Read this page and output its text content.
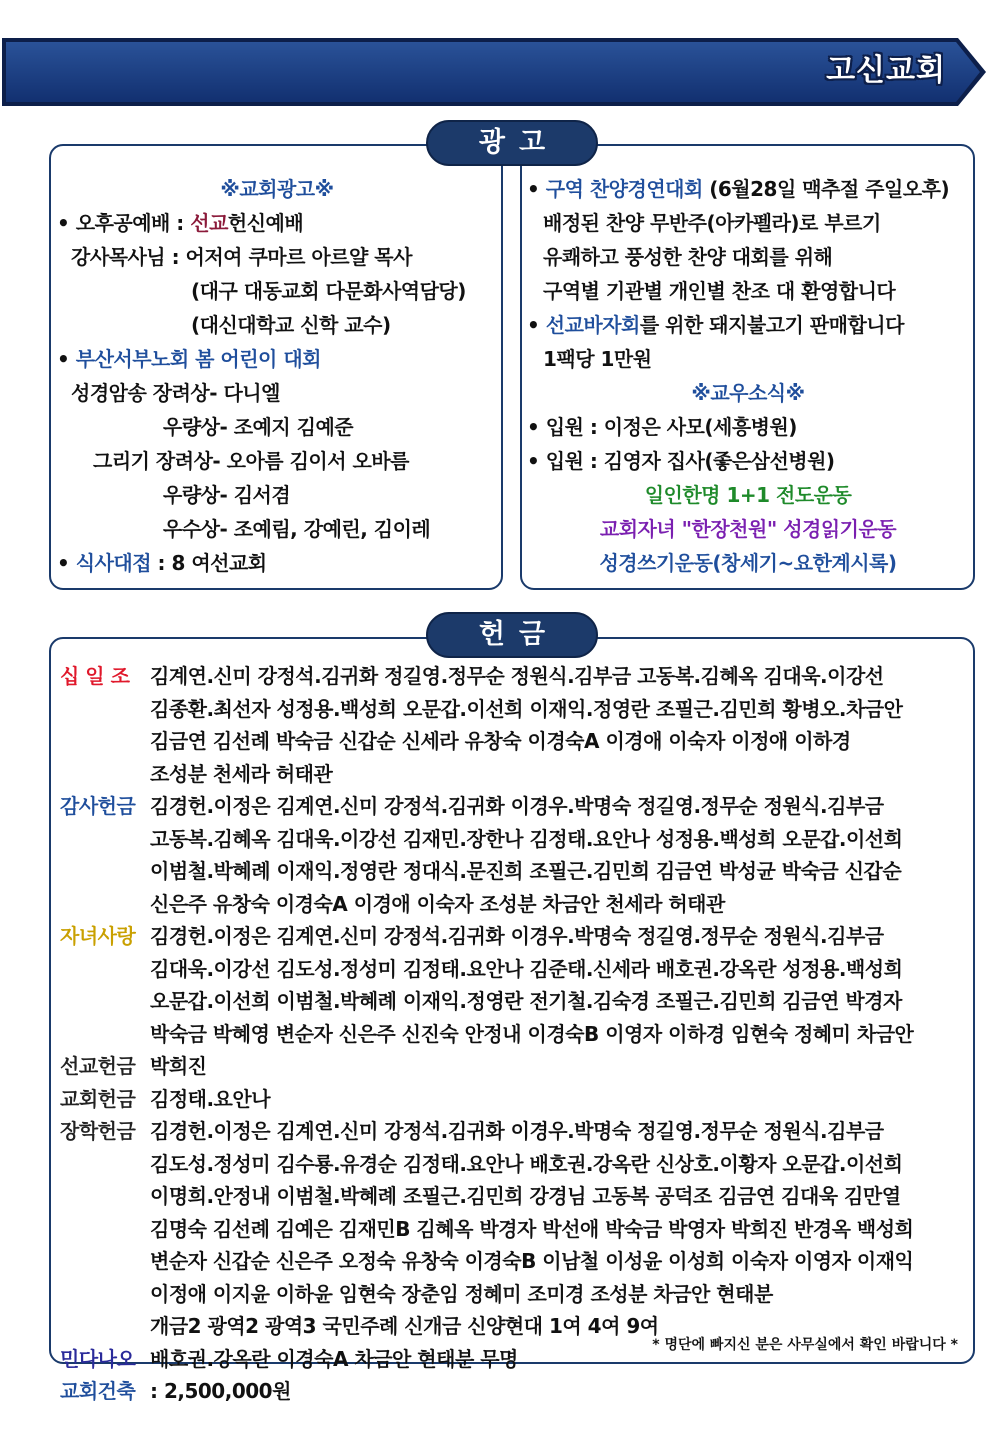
고신교회
광고
※교회광고※
• 오후공예배 : 선교헌신예배
강사목사님 : 어저여 쿠마르 아르얄 목사
(대구 대동교회 다문화사역담당)
(대신대학교 신학 교수)
• 부산서부노회 봄 어린이 대회
성경암송 장려상- 다니엘
우량상- 조예지 김예준
그리기 장려상- 오아름 김이서 오바름
우량상- 김서겸
우수상- 조예림, 강예린, 김이레
• 식사대접 : 8 여선교회
• 구역 찬양경연대회 (6월28일 맥추절 주일오후)
배정된 찬양 무반주(아카펠라)로 부르기
유쾌하고 풍성한 찬양 대회를 위해
구역별 기관별 개인별 찬조 대 환영합니다
• 선교바자회를 위한 돼지불고기 판매합니다
1팩당 1만원
※교우소식※
• 입원 : 이정은 사모(세흥병원)
• 입원 : 김영자 집사(좋은삼선병원)
일인한명 1+1 전도운동
교회자녀 "한장천원" 성경읽기운동
성경쓰기운동(창세기~요한계시록)
헌금
십 일 조	김계연.신미 강정석.김귀화 정길영.정무순 정원식.김부금 고동복.김혜옥 김대욱.이강선
김종환.최선자 성정용.백성희 오문갑.이선희 이재익.정영란 조필근.김민희 황병오.차금안
김금연 김선례 박숙금 신갑순 신세라 유창숙 이경숙A 이경애 이숙자 이정애 이하경
조성분 천세라 허태관
감사헌금 김경헌.이정은 김계연.신미 강정석.김귀화 이경우.박명숙 정길영.정무순 정원식.김부금
고동복.김혜옥 김대욱.이강선 김재민.장한나 김정태.요안나 성정용.백성희 오문갑.이선희
이범철.박혜례 이재익.정영란 정대식.문진희 조필근.김민희 김금연 박성균 박숙금 신갑순
신은주 유창숙 이경숙A 이경애 이숙자 조성분 차금안 천세라 허태관
자녀사랑 김경헌.이정은 김계연.신미 강정석.김귀화 이경우.박명숙 정길영.정무순 정원식.김부금
김대욱.이강선 김도성.정성미 김정태.요안나 김준태.신세라 배호권.강옥란 성정용.백성희
오문갑.이선희 이범철.박혜례 이재익.정영란 전기철.김숙경 조필근.김민희 김금연 박경자
박숙금 박혜영 변순자 신은주 신진숙 안정내 이경숙B 이영자 이하경 임현숙 정혜미 차금안
선교헌금 박희진
교회헌금 김정태.요안나
장학헌금 김경헌.이정은 김계연.신미 강정석.김귀화 이경우.박명숙 정길영.정무순 정원식.김부금
김도성.정성미 김수룡.유경순 김정태.요안나 배호권.강옥란 신상호.이황자 오문갑.이선희
이명희.안정내 이범철.박혜례 조필근.김민희 강경님 고동복 공덕조 김금연 김대욱 김만열
김명숙 김선례 김예은 김재민B 김혜옥 박경자 박선애 박숙금 박영자 박희진 반경옥 백성희
변순자 신갑순 신은주 오정숙 유창숙 이경숙B 이남철 이성윤 이성희 이숙자 이영자 이재익
이정애 이지윤 이하윤 임현숙 장춘임 정혜미 조미경 조성분 차금안 현태분
개금2 광역2 광역3 국민주례 신개금 신양현대 1여 4여 9여
민다나오 배호권.강옥란 이경숙A 차금안 현태분 무명
교회건축 : 2,500,000원
* 명단에 빠지신 분은 사무실에서 확인 바랍니다 *
